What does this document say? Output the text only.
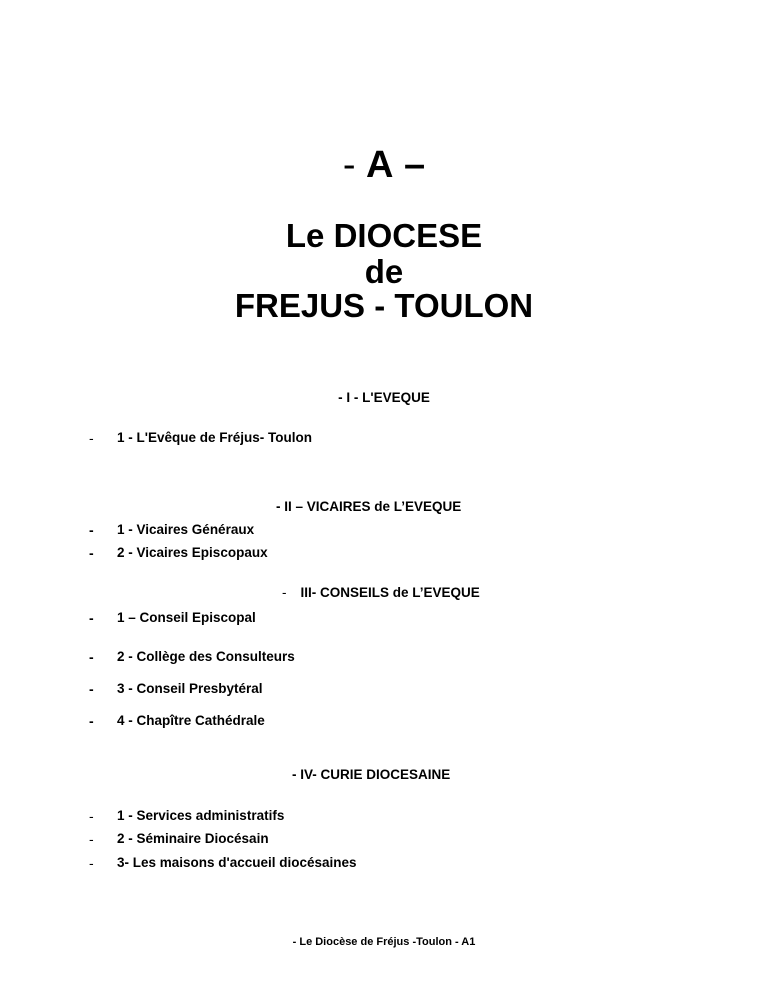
- A –
Le DIOCESE
de
FREJUS - TOULON
- I - L'EVEQUE
- 1 - L'Evêque de Fréjus- Toulon
- II – VICAIRES de L’EVEQUE
- 1 - Vicaires Généraux
- 2 - Vicaires Episcopaux
- III- CONSEILS de L’EVEQUE
- 1 – Conseil Episcopal
- 2 - Collège des Consulteurs
- 3 - Conseil Presbytéral
- 4 - Chapître Cathédrale
- IV- CURIE DIOCESAINE
- 1 - Services administratifs
- 2 - Séminaire Diocésain
- 3- Les maisons d'accueil diocésaines
- Le Diocèse de Fréjus -Toulon - A1
